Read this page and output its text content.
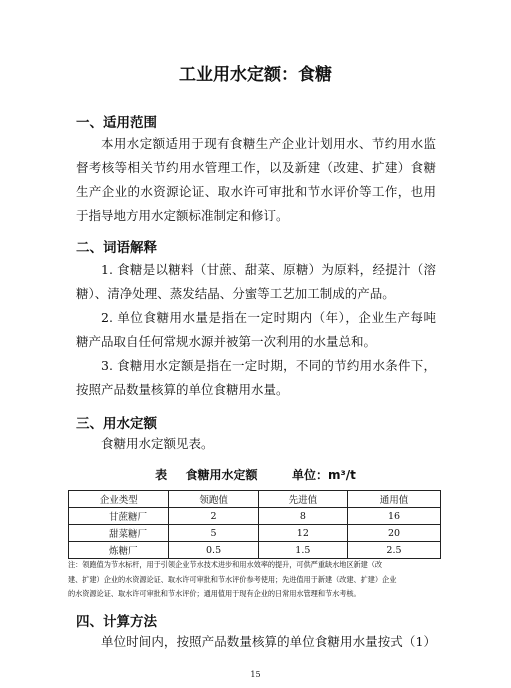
工业用水定额：食糖
一、适用范围
本用水定额适用于现有食糖生产企业计划用水、节约用水监
督考核等相关节约用水管理工作，以及新建（改建、扩建）食糖
生产企业的水资源论证、取水许可审批和节水评价等工作，也用
于指导地方用水定额标准制定和修订。
二、词语解释
1. 食糖是以糖料（甘蔗、甜菜、原糖）为原料，经提汁（溶
糖）、清净处理、蒸发结晶、分蜜等工艺加工制成的产品。
2. 单位食糖用水量是指在一定时期内（年），企业生产每吨
糖产品取自任何常规水源并被第一次利用的水量总和。
3. 食糖用水定额是指在一定时期，不同的节约用水条件下，
按照产品数量核算的单位食糖用水量。
三、用水定额
食糖用水定额见表。
表 食糖用水定额	单位：m³/t
企业类型	领跑值	先进值	通用值
甘蔗糖厂	2	8	16
甜菜糖厂	5	12	20
炼糖厂	0.5	1.5	2.5
注：领跑值为节水标杆，用于引领企业节水技术进步和用水效率的提升，可供严重缺水地区新建（改
建、扩建）企业的水资源论证、取水许可审批和节水评价参考使用；先进值用于新建（改建、扩建）企业
的水资源论证、取水许可审批和节水评价；通用值用于现有企业的日常用水管理和节水考核。
四、计算方法
单位时间内，按照产品数量核算的单位食糖用水量按式（1）
15
